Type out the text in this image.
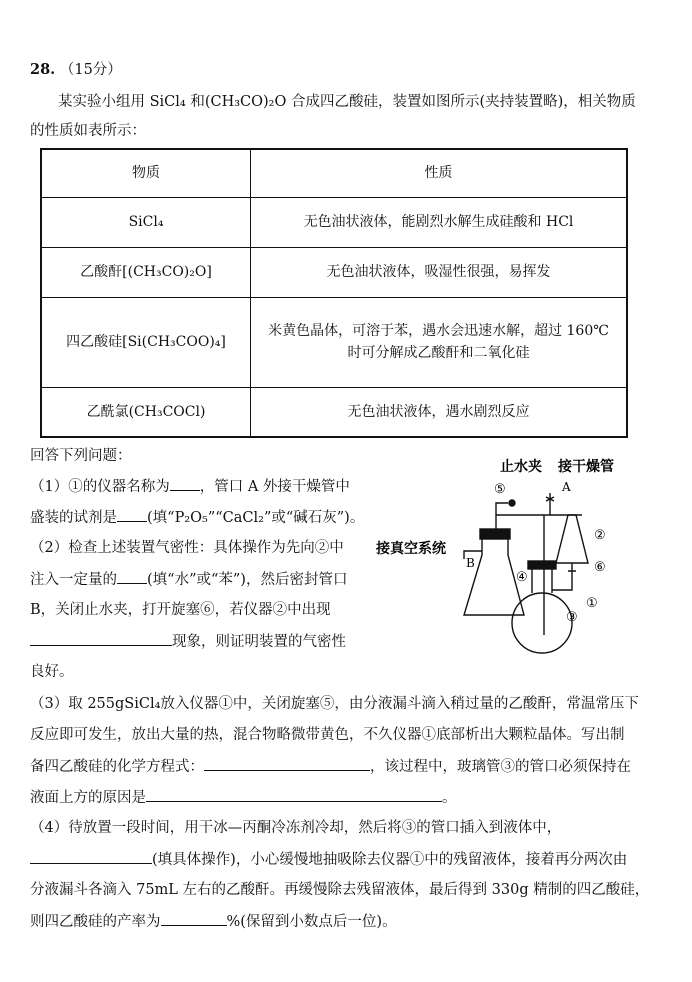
28. （15分）
某实验小组用 SiCl₄ 和(CH₃CO)₂O 合成四乙酸硅，装置如图所示(夹持装置略)，相关物质
的性质如表所示：
物质	性质
SiCl₄	无色油状液体，能剧烈水解生成硅酸和 HCl
乙酸酐[(CH₃CO)₂O]	无色油状液体，吸湿性很强，易挥发
四乙酸硅[Si(CH₃COO)₄]	米黄色晶体，可溶于苯，遇水会迅速水解，超过 160℃
时可分解成乙酸酐和二氧化硅

乙酰氯(CH₃COCl)	无色油状液体，遇水剧烈反应
回答下列问题：
（1）①的仪器名称为 ，管口 A 外接干燥管中
盛装的试剂是 (填“P₂O₅”“CaCl₂”或“碱石灰”)。
（2）检查上述装置气密性：具体操作为先向②中
注入一定量的 (填“水”或“苯”)，然后密封管口
B，关闭止水夹，打开旋塞⑥，若仪器②中出现
现象，则证明装置的气密性
良好。
（3）取 255gSiCl₄放入仪器①中，关闭旋塞⑤，由分液漏斗滴入稍过量的乙酸酐，常温常压下
反应即可发生，放出大量的热，混合物略微带黄色，不久仪器①底部析出大颗粒晶体。写出制
备四乙酸硅的化学方程式：	，该过程中，玻璃管③的管口必须保持在
液面上方的原因是	。
（4）待放置一段时间，用干冰—丙酮冷冻剂冷却，然后将③的管口插入到液体中，
(填具体操作)，小心缓慢地抽吸除去仪器①中的残留液体，接着再分两次由
分液漏斗各滴入 75mL 左右的乙酸酐。再缓慢除去残留液体，最后得到 330g 精制的四乙酸硅，
则四乙酸硅的产率为	%(保留到小数点后一位)。
止水夹 接干燥管
接真空系统
A
B
⑤
②
⑥
④
①
③
